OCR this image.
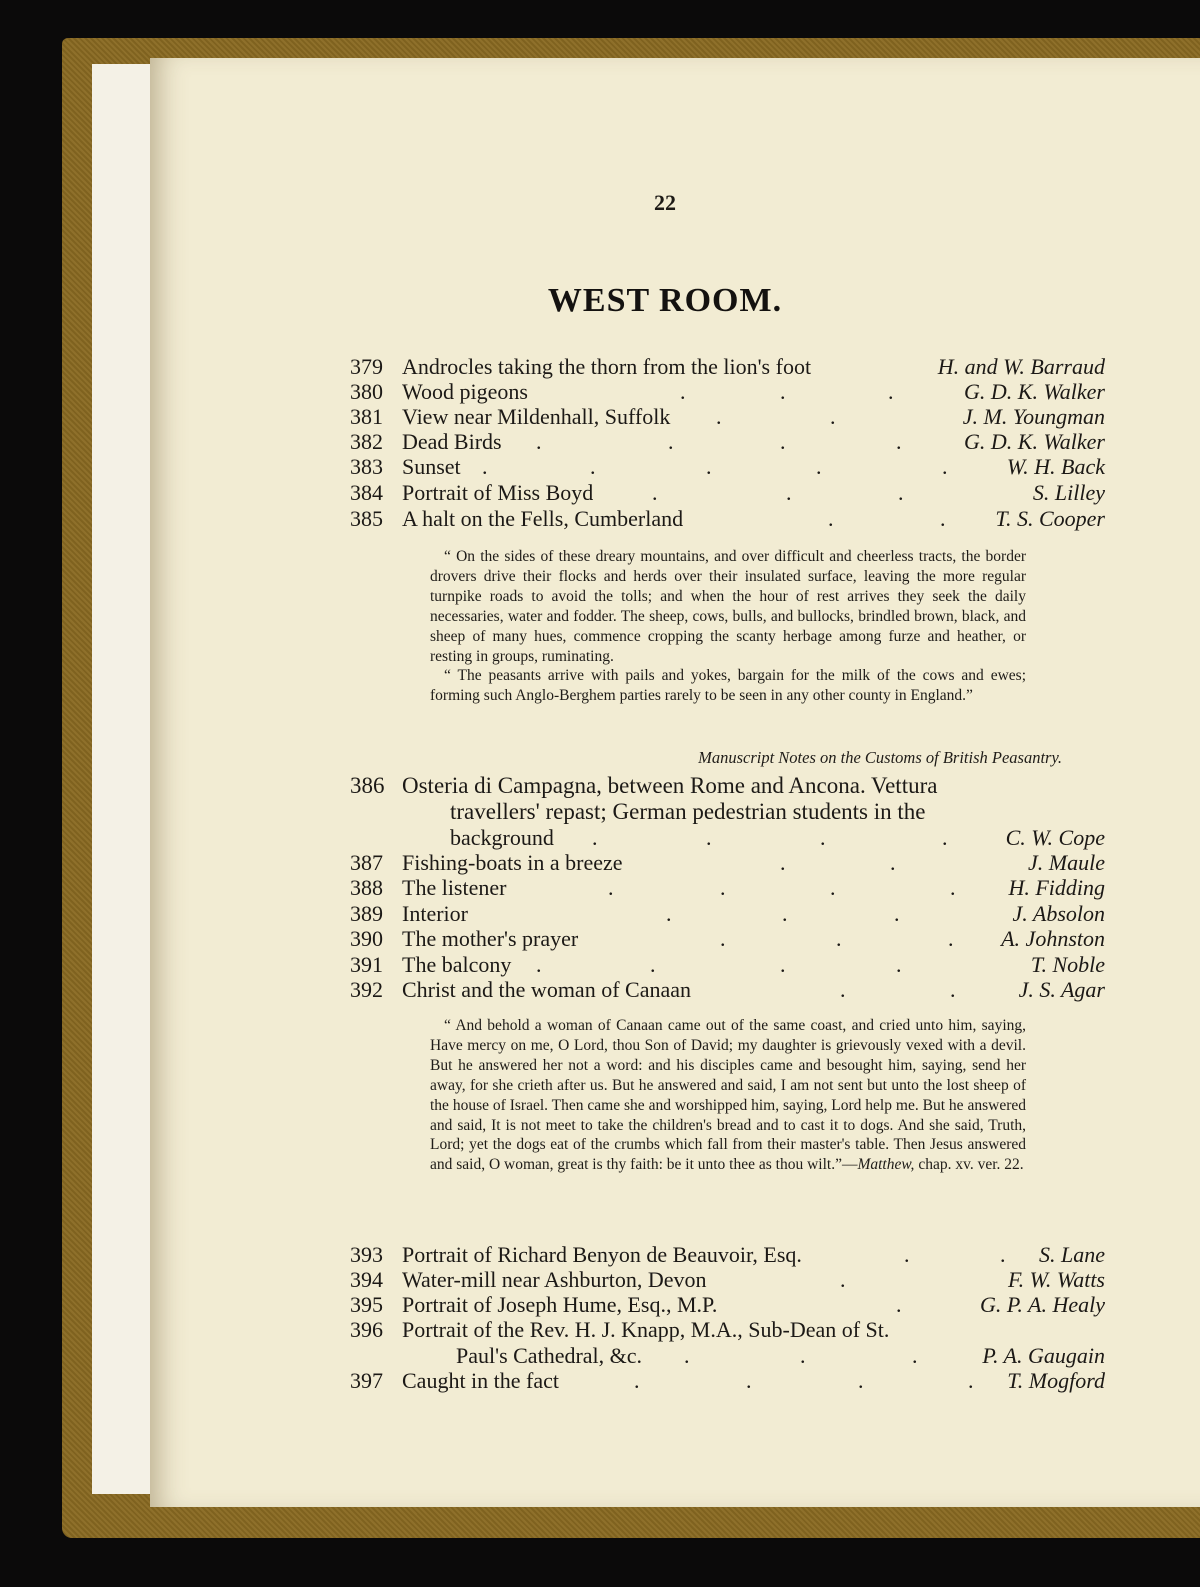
22
WEST ROOM.
379 Androcles taking the thorn from the lion's foot	H. and W. Barraud
380 Wood pigeons	.	.	.	G. D. K. Walker
381 View near Mildenhall, Suffolk .	.	J. M. Youngman
382 Dead Birds .	.	.	.	G. D. K. Walker
383 Sunset .	.	.	.	.	W. H. Back
384 Portrait of Miss Boyd	.	.	.	S. Lilley
385 A halt on the Fells, Cumberland	.	. T. S. Cooper

“ On the sides of these dreary mountains, and over difficult and cheerless tracts, the border drovers drive their flocks and herds over their insulated surface, leaving the more regular turnpike roads to avoid the tolls; and when the hour of rest arrives they seek the daily necessaries, water and fodder. The sheep, cows, bulls, and bullocks, brindled brown, black, and sheep of many hues, commence cropping the scanty herbage among furze and heather, or resting in groups, ruminating.

“ The peasants arrive with pails and yokes, bargain for the milk of the cows and ewes; forming such Anglo-Berghem parties rarely to be seen in any other county in England.”

Manuscript Notes on the Customs of British Peasantry.
386 Osteria di Campagna, between Rome and Ancona. Vettura
travellers' repast; German pedestrian students in the
background .	.	.	.	C. W. Cope
387 Fishing-boats in a breeze	.	.	J. Maule
388 The listener	.	.	.	. H. Fidding
389 Interior	.	.	.	J. Absolon
390 The mother's prayer	.	.	. A. Johnston
391 The balcony .	.	.	.	T. Noble
392 Christ and the woman of Canaan	.	.	J. S. Agar

“ And behold a woman of Canaan came out of the same coast, and cried unto him, saying, Have mercy on me, O Lord, thou Son of David; my daughter is grievously vexed with a devil. But he answered her not a word: and his disciples came and besought him, saying, send her away, for she crieth after us. But he answered and said, I am not sent but unto the lost sheep of the house of Israel. Then came she and worshipped him, saying, Lord help me. But he answered and said, It is not meet to take the children's bread and to cast it to dogs. And she said, Truth, Lord; yet the dogs eat of the crumbs which fall from their master's table. Then Jesus answered and said, O woman, great is thy faith: be it unto thee as thou wilt.”—Matthew, chap. xv. ver. 22.

393 Portrait of Richard Benyon de Beauvoir, Esq.	.	. S. Lane
394 Water-mill near Ashburton, Devon	.	F. W. Watts
395 Portrait of Joseph Hume, Esq., M.P.	.	G. P. A. Healy
396 Portrait of the Rev. H. J. Knapp, M.A., Sub-Dean of St.
Paul's Cathedral, &c. .	.	.	P. A. Gaugain
397 Caught in the fact	.	.	.	. T. Mogford
